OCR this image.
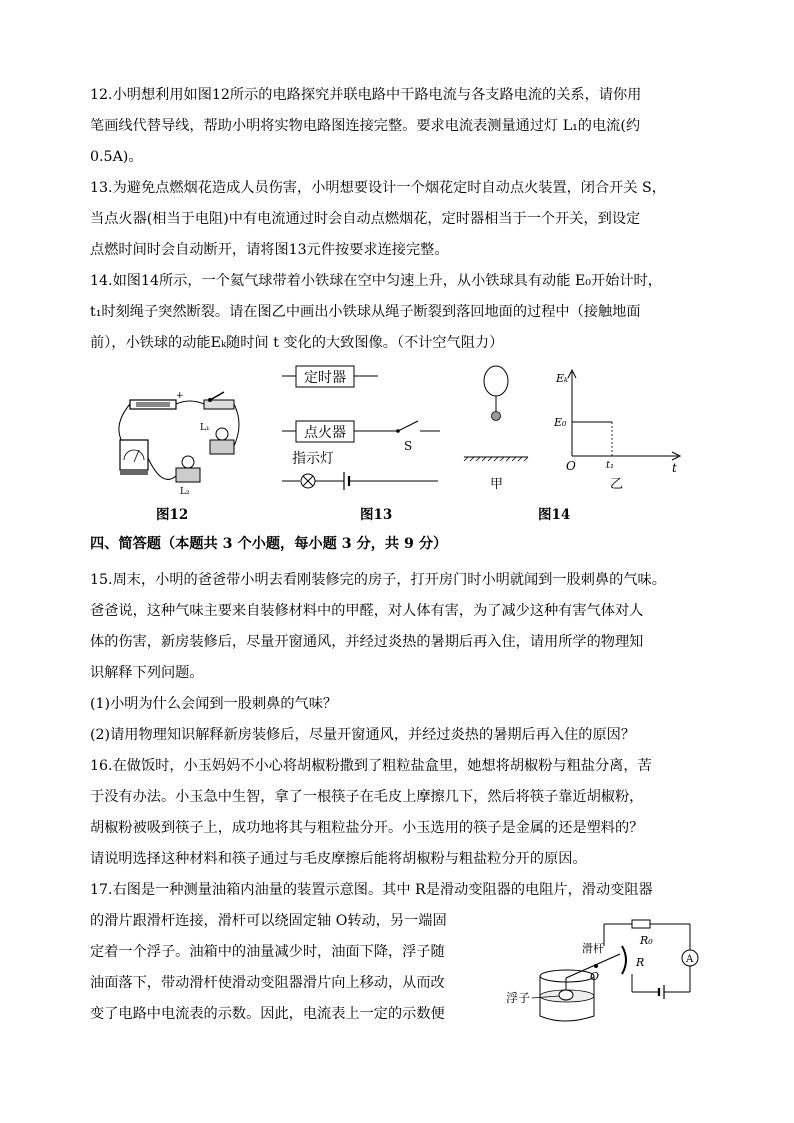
12.小明想利用如图12所示的电路探究并联电路中干路电流与各支路电流的关系，请你用
笔画线代替导线，帮助小明将实物电路图连接完整。要求电流表测量通过灯 L₁的电流(约
0.5A)。

13.为避免点燃烟花造成人员伤害，小明想要设计一个烟花定时自动点火装置，闭合开关 S，
当点火器(相当于电阻)中有电流通过时会自动点燃烟花，定时器相当于一个开关，到设定
点燃时间时会自动断开，请将图13元件按要求连接完整。

14.如图14所示，一个氦气球带着小铁球在空中匀速上升，从小铁球具有动能 E₀开始计时，
t₁时刻绳子突然断裂。请在图乙中画出小铁球从绳子断裂到落回地面的过程中（接触地面
前），小铁球的动能Eₖ随时间 t 变化的大致图像。（不计空气阻力）

+
L₁
L₂
定时器
点火器
S
指示灯
甲
Eₖ
E₀
O	t₁	t
乙
图12	图13	图14
四、简答题（本题共 3 个小题，每小题 3 分，共 9 分）

15.周末，小明的爸爸带小明去看刚装修完的房子，打开房门时小明就闻到一股刺鼻的气味。
爸爸说，这种气味主要来自装修材料中的甲醛，对人体有害，为了减少这种有害气体对人
体的伤害，新房装修后，尽量开窗通风，并经过炎热的暑期后再入住，请用所学的物理知
识解释下列问题。
(1)小明为什么会闻到一股刺鼻的气味？
(2)请用物理知识解释新房装修后，尽量开窗通风，并经过炎热的暑期后再入住的原因？

16.在做饭时，小玉妈妈不小心将胡椒粉撒到了粗粒盐盒里，她想将胡椒粉与粗盐分离，苦
于没有办法。小玉急中生智，拿了一根筷子在毛皮上摩擦几下，然后将筷子靠近胡椒粉，
胡椒粉被吸到筷子上，成功地将其与粗粒盐分开。小玉选用的筷子是金属的还是塑料的？
请说明选择这种材料和筷子通过与毛皮摩擦后能将胡椒粉与粗盐粒分开的原因。

17.右图是一种测量油箱内油量的装置示意图。其中 R是滑动变阻器的电阻片，滑动变阻器

的滑片跟滑杆连接，滑杆可以绕固定轴 O转动，另一端固
定着一个浮子。油箱中的油量减少时，油面下降，浮子随
油面落下，带动滑杆使滑动变阻器滑片向上移动，从而改
变了电路中电流表的示数。因此，电流表上一定的示数便

R₀
A
R
滑杆
O
浮子
